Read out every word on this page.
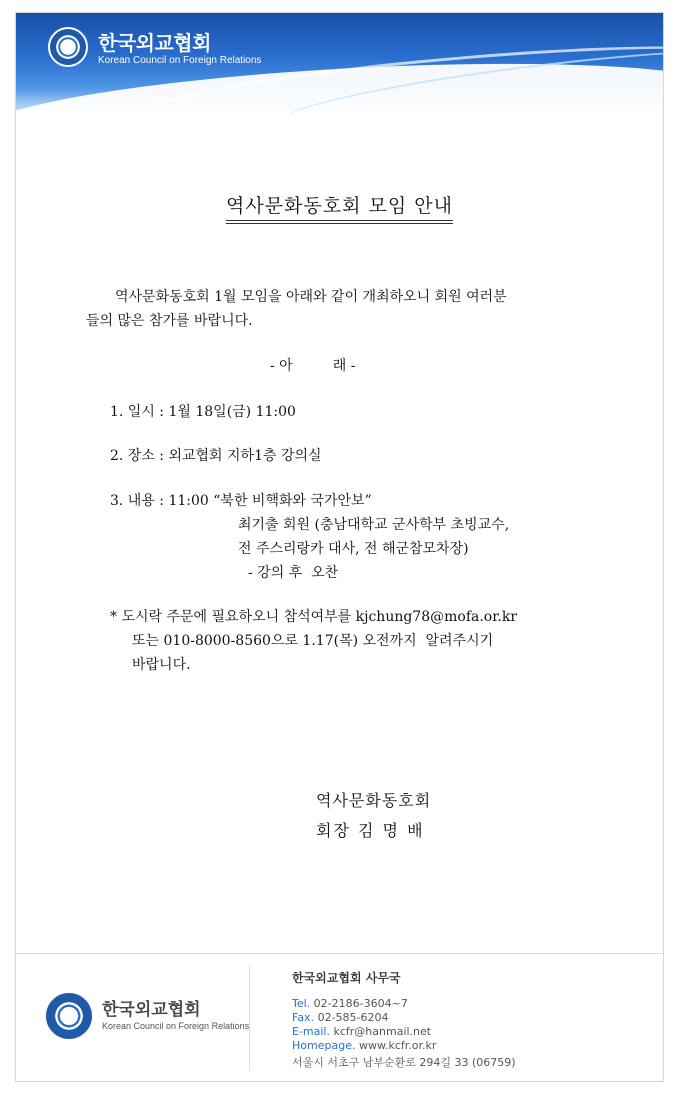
한국외교협회
Korean Council on Foreign Relations
역사문화동호회 모임 안내
역사문화동호회 1월 모임을 아래와 같이 개최하오니 회원 여러분
들의 많은 참가를 바랍니다.
- 아         래 -
1. 일시 : 1월 18일(금) 11:00
2. 장소 : 외교협회 지하1층 강의실
3. 내용 : 11:00 “북한 비핵화와 국가안보”
최기출 회원 (충남대학교 군사학부 초빙교수,
전 주스리랑카 대사, 전 해군참모차장)
- 강의 후  오찬
* 도시락 주문에 필요하오니 참석여부를 kjchung78@mofa.or.kr
또는 010-8000-8560으로 1.17(목) 오전까지  알려주시기
바랍니다.
역사문화동호회
회장 김 명 배
한국외교협회
Korean Council on Foreign Relations
한국외교협회 사무국
Tel. 02-2186-3604~7
Fax. 02-585-6204
E-mail. kcfr@hanmail.net
Homepage. www.kcfr.or.kr
서울시 서초구 남부순환로 294길 33 (06759)
